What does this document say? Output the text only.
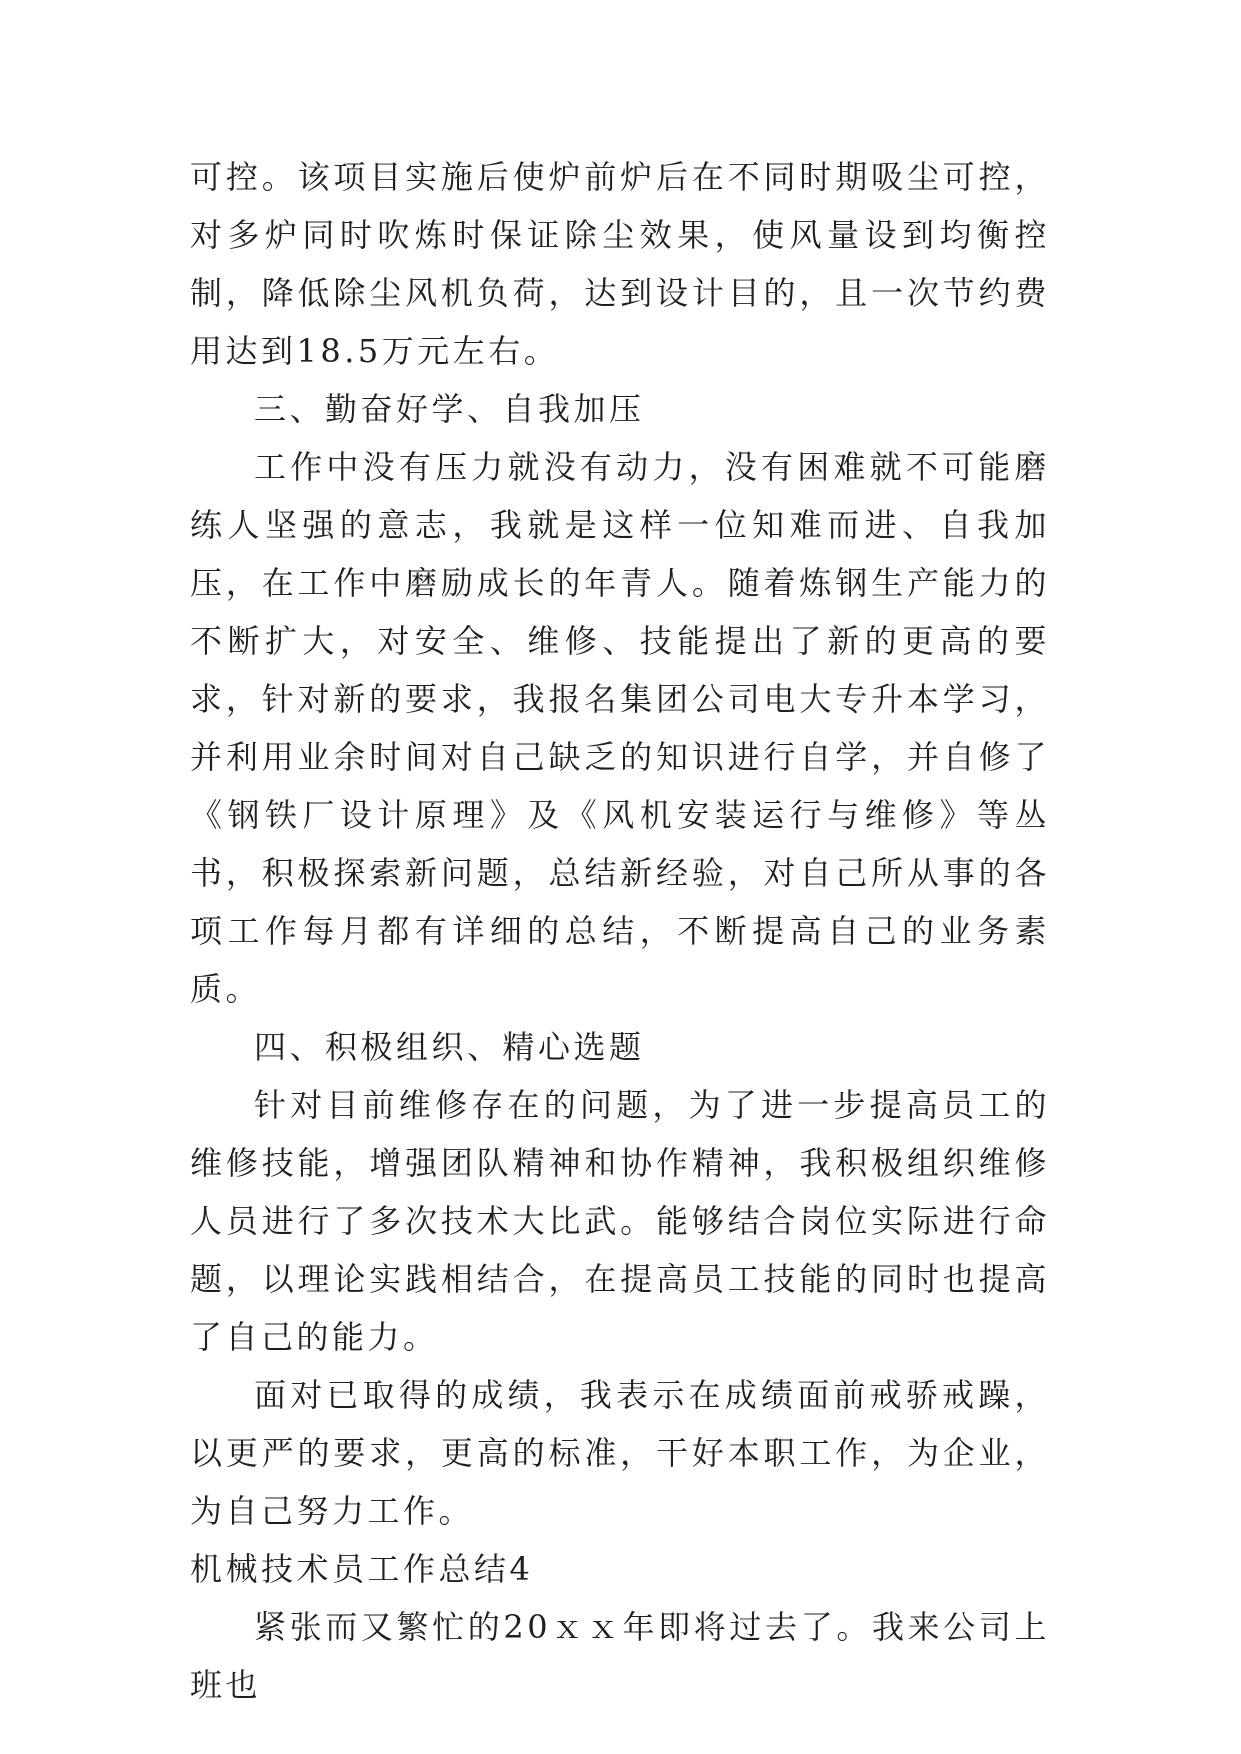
可控。该项目实施后使炉前炉后在不同时期吸尘可控，对多炉同时吹炼时保证除尘效果，使风量设到均衡控制，降低除尘风机负荷，达到设计目的，且一次节约费用达到18.5万元左右。

三、勤奋好学、自我加压

工作中没有压力就没有动力，没有困难就不可能磨练人坚强的意志，我就是这样一位知难而进、自我加压，在工作中磨励成长的年青人。随着炼钢生产能力的不断扩大，对安全、维修、技能提出了新的更高的要求，针对新的要求，我报名集团公司电大专升本学习，并利用业余时间对自己缺乏的知识进行自学，并自修了《钢铁厂设计原理》及《风机安装运行与维修》等丛书，积极探索新问题，总结新经验，对自己所从事的各项工作每月都有详细的总结，不断提高自己的业务素质。

四、积极组织、精心选题

针对目前维修存在的问题，为了进一步提高员工的维修技能，增强团队精神和协作精神，我积极组织维修人员进行了多次技术大比武。能够结合岗位实际进行命题，以理论实践相结合，在提高员工技能的同时也提高了自己的能力。

面对已取得的成绩，我表示在成绩面前戒骄戒躁，以更严的要求，更高的标准，干好本职工作，为企业，为自己努力工作。

机械技术员工作总结4

紧张而又繁忙的20ｘｘ年即将过去了。我来公司上班也
